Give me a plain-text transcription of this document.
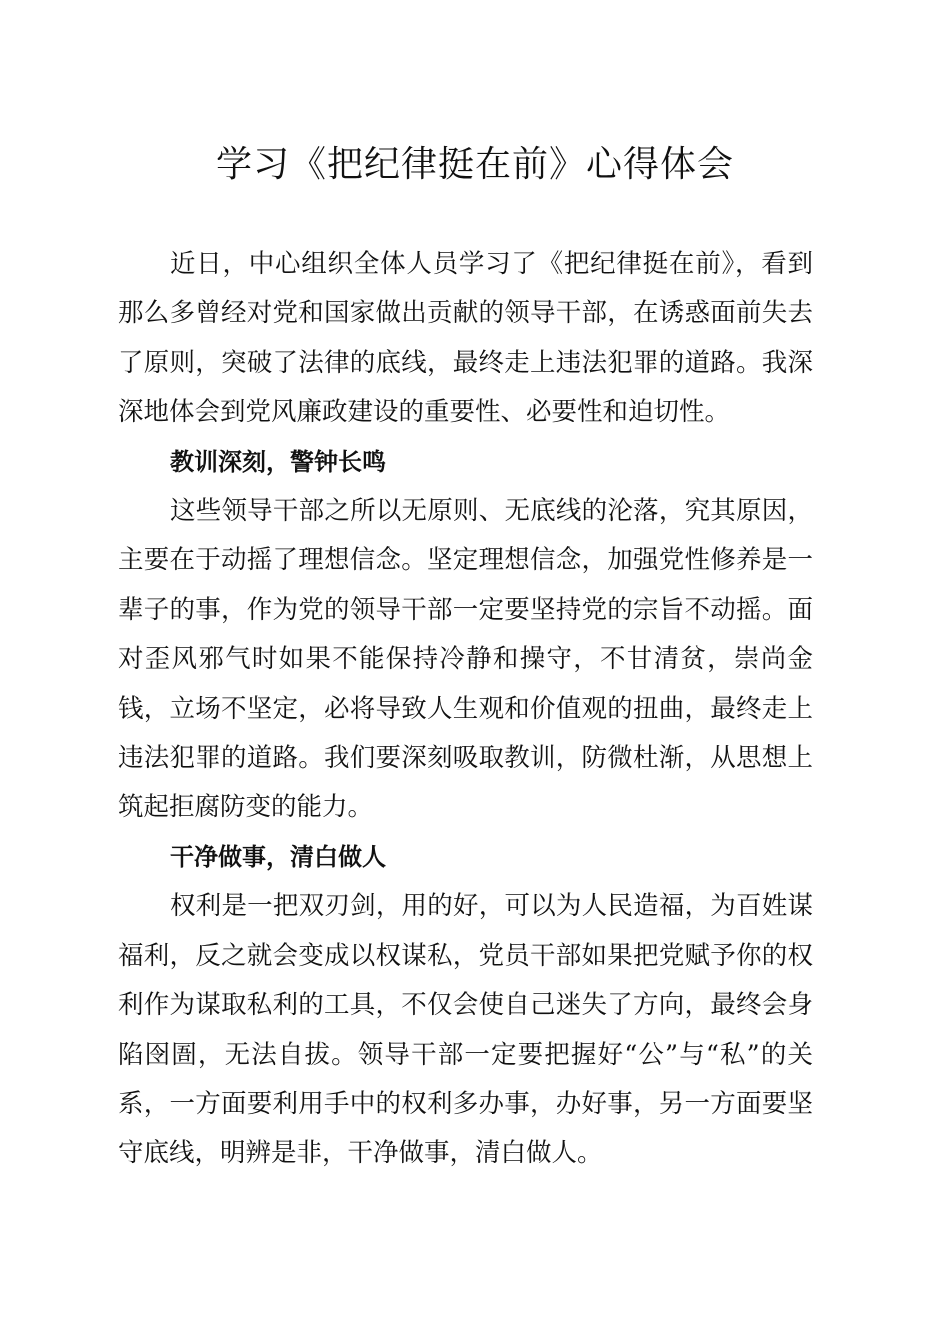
学习《把纪律挺在前》心得体会

近日，中心组织全体人员学习了《把纪律挺在前》，看到那么多曾经对党和国家做出贡献的领导干部，在诱惑面前失去了原则，突破了法律的底线，最终走上违法犯罪的道路。我深深地体会到党风廉政建设的重要性、必要性和迫切性。

教训深刻，警钟长鸣

这些领导干部之所以无原则、无底线的沦落，究其原因，主要在于动摇了理想信念。坚定理想信念，加强党性修养是一辈子的事，作为党的领导干部一定要坚持党的宗旨不动摇。面对歪风邪气时如果不能保持冷静和操守，不甘清贫，崇尚金钱，立场不坚定，必将导致人生观和价值观的扭曲，最终走上违法犯罪的道路。我们要深刻吸取教训，防微杜渐，从思想上筑起拒腐防变的能力。

干净做事，清白做人

权利是一把双刃剑，用的好，可以为人民造福，为百姓谋福利，反之就会变成以权谋私，党员干部如果把党赋予你的权利作为谋取私利的工具，不仅会使自己迷失了方向，最终会身陷囹圄，无法自拔。领导干部一定要把握好“公”与“私”的关系，一方面要利用手中的权利多办事，办好事，另一方面要坚守底线，明辨是非，干净做事，清白做人。
